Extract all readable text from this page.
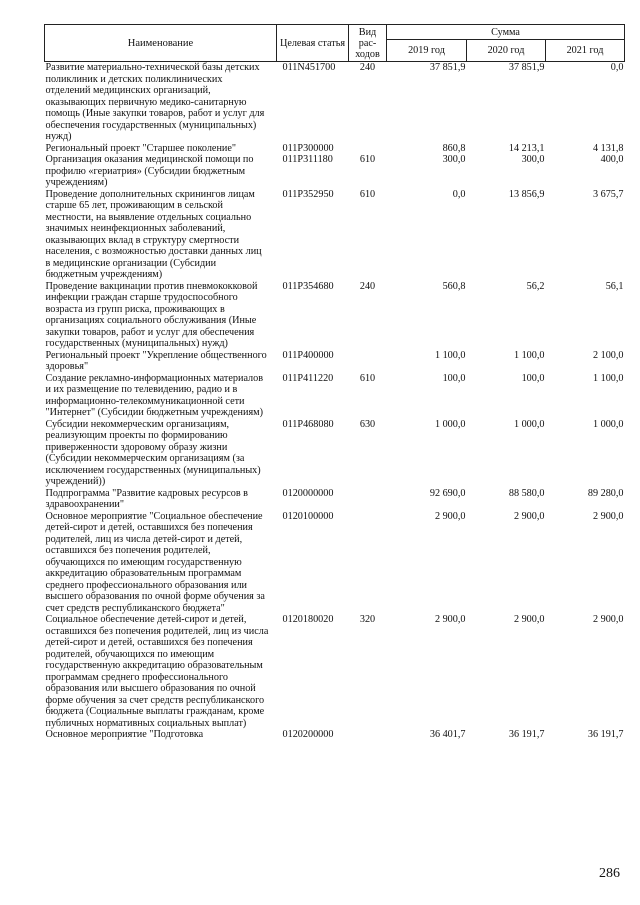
Наименование	Целевая статья	Вид рас-ходов	Сумма		
			2019 год	2020 год	2021 год
Развитие материально-технической базы детских поликлиник и детских поликлинических отделений медицинских организаций, оказывающих первичную медико-санитарную помощь (Иные закупки товаров, работ и услуг для обеспечения государственных (муниципальных) нужд)	011N451700	240	37 851,9	37 851,9	0,0
Региональный проект "Старшее поколение"	011P300000		860,8	14 213,1	4 131,8
Организация оказания медицинской помощи по профилю «гериатрия» (Субсидии бюджетным учреждениям)	011P311180	610	300,0	300,0	400,0
Проведение дополнительных скринингов лицам старше 65 лет, проживающим в сельской местности, на выявление отдельных социально значимых неинфекционных заболеваний, оказывающих вклад в структуру смертности населения, с возможностью доставки данных лиц в медицинские организации (Субсидии бюджетным учреждениям)	011P352950	610	0,0	13 856,9	3 675,7
Проведение вакцинации против пневмококковой инфекции граждан старше трудоспособного возраста из групп риска, проживающих в организациях социального обслуживания (Иные закупки товаров, работ и услуг для обеспечения государственных (муниципальных) нужд)	011P354680	240	560,8	56,2	56,1
Региональный проект "Укрепление общественного здоровья"	011P400000		1 100,0	1 100,0	2 100,0
Создание рекламно-информационных материалов и их размещение по телевидению, радио и в информационно-телекоммуникационной сети "Интернет" (Субсидии бюджетным учреждениям)	011P411220	610	100,0	100,0	1 100,0
Субсидии некоммерческим организациям, реализующим проекты по формированию приверженности здоровому образу жизни (Субсидии некоммерческим организациям (за исключением государственных (муниципальных) учреждений))	011P468080	630	1 000,0	1 000,0	1 000,0
Подпрограмма "Развитие кадровых ресурсов в здравоохранении"	0120000000		92 690,0	88 580,0	89 280,0
Основное мероприятие "Социальное обеспечение детей-сирот и детей, оставшихся без попечения родителей, лиц из числа детей-сирот и детей, оставшихся без попечения родителей, обучающихся по имеющим государственную аккредитацию образовательным программам среднего профессионального образования или высшего образования по очной форме обучения за счет средств республиканского бюджета"	0120100000		2 900,0	2 900,0	2 900,0
Социальное обеспечение детей-сирот и детей, оставшихся без попечения родителей, лиц из числа детей-сирот и детей, оставшихся без попечения родителей, обучающихся по имеющим государственную аккредитацию образовательным программам среднего профессионального образования или высшего образования по очной форме обучения за счет средств республиканского бюджета (Социальные выплаты гражданам, кроме публичных нормативных социальных выплат)	0120180020	320	2 900,0	2 900,0	2 900,0
Основное мероприятие "Подготовка	0120200000		36 401,7	36 191,7	36 191,7
286
